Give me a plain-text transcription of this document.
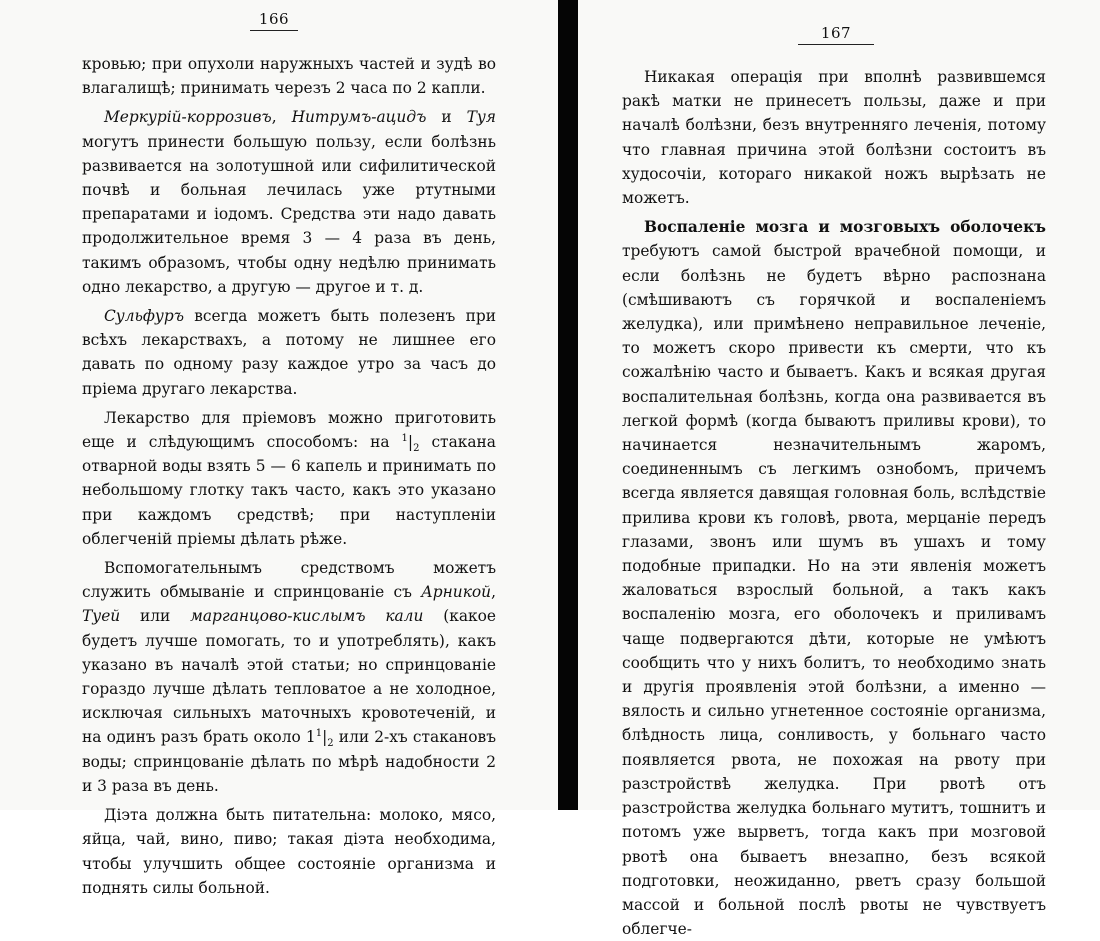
166

кровью; при опухоли наружныхъ частей и зудѣ во влагалищѣ; принимать черезъ 2 часа по 2 капли.

Меркурій-коррозивъ, Нитрумъ-ацидъ и Туя могутъ принести большую пользу, если болѣзнь развивается на золотушной или сифилитической почвѣ и больная лечилась уже ртутными препаратами и іодомъ. Средства эти надо давать продолжительное время 3 — 4 раза въ день, такимъ образомъ, чтобы одну недѣлю принимать одно лекарство, а другую — другое и т. д.

Сульфуръ всегда можетъ быть полезенъ при всѣхъ лекарствахъ, а потому не лишнее его давать по одному разу каждое утро за часъ до пріема другаго лекарства.

Лекарство для пріемовъ можно приготовить еще и слѣдующимъ способомъ: на $^1|_2$ стакана отварной воды взять 5 — 6 капель и принимать по небольшому глотку такъ часто, какъ это указано при каждомъ средствѣ; при наступленіи облегченій пріемы дѣлать рѣже.

Вспомогательнымъ средствомъ можетъ служить обмываніе и спринцованіе съ Арникой, Туей или марганцово-кислымъ кали (какое будетъ лучше помогать, то и употреблять), какъ указано въ началѣ этой статьи; но спринцованіе гораздо лучше дѣлать тепловатое а не холодное, исключая сильныхъ маточныхъ кровотеченій, и на одинъ разъ брать около $1^1|_2$ или 2-хъ стакановъ воды; спринцованіе дѣлать по мѣрѣ надобности 2 и 3 раза въ день.

Діэта должна быть питательна: молоко, мясо, яйца, чай, вино, пиво; такая діэта необходима, чтобы улучшить общее состояніе организма и поднять силы больной.

167

Никакая операція при вполнѣ развившемся ракѣ матки не принесетъ пользы, даже и при началѣ болѣзни, безъ внутренняго леченія, потому что главная причина этой болѣзни состоитъ въ худосочіи, котораго никакой ножъ вырѣзать не можетъ.

Воспаленіе мозга и мозговыхъ оболочекъ требуютъ самой быстрой врачебной помощи, и если болѣзнь не будетъ вѣрно распознана (смѣшиваютъ съ горячкой и воспаленіемъ желудка), или примѣнено неправильное леченіе, то можетъ скоро привести къ смерти, что къ сожалѣнію часто и бываетъ. Какъ и всякая другая воспалительная болѣзнь, когда она развивается въ легкой формѣ (когда бываютъ приливы крови), то начинается незначительнымъ жаромъ, соединеннымъ съ легкимъ ознобомъ, причемъ всегда является давящая головная боль, вслѣдствіе прилива крови къ головѣ, рвота, мерцаніе передъ глазами, звонъ или шумъ въ ушахъ и тому подобные припадки. Но на эти явленія можетъ жаловаться взрослый больной, а такъ какъ воспаленію мозга, его оболочекъ и приливамъ чаще подвергаются дѣти, которые не умѣютъ сообщить что у нихъ болитъ, то необходимо знать и другія проявленія этой болѣзни, а именно — вялость и сильно угнетенное состояніе организма, блѣдность лица, сонливость, у больнаго часто появляется рвота, не похожая на рвоту при разстройствѣ желудка. При рвотѣ отъ разстройства желудка больнаго мутитъ, тошнитъ и потомъ уже вырветъ, тогда какъ при мозговой рвотѣ она бываетъ внезапно, безъ всякой подготовки, неожиданно, рветъ сразу большой массой и больной послѣ рвоты не чувствуетъ облегче-
